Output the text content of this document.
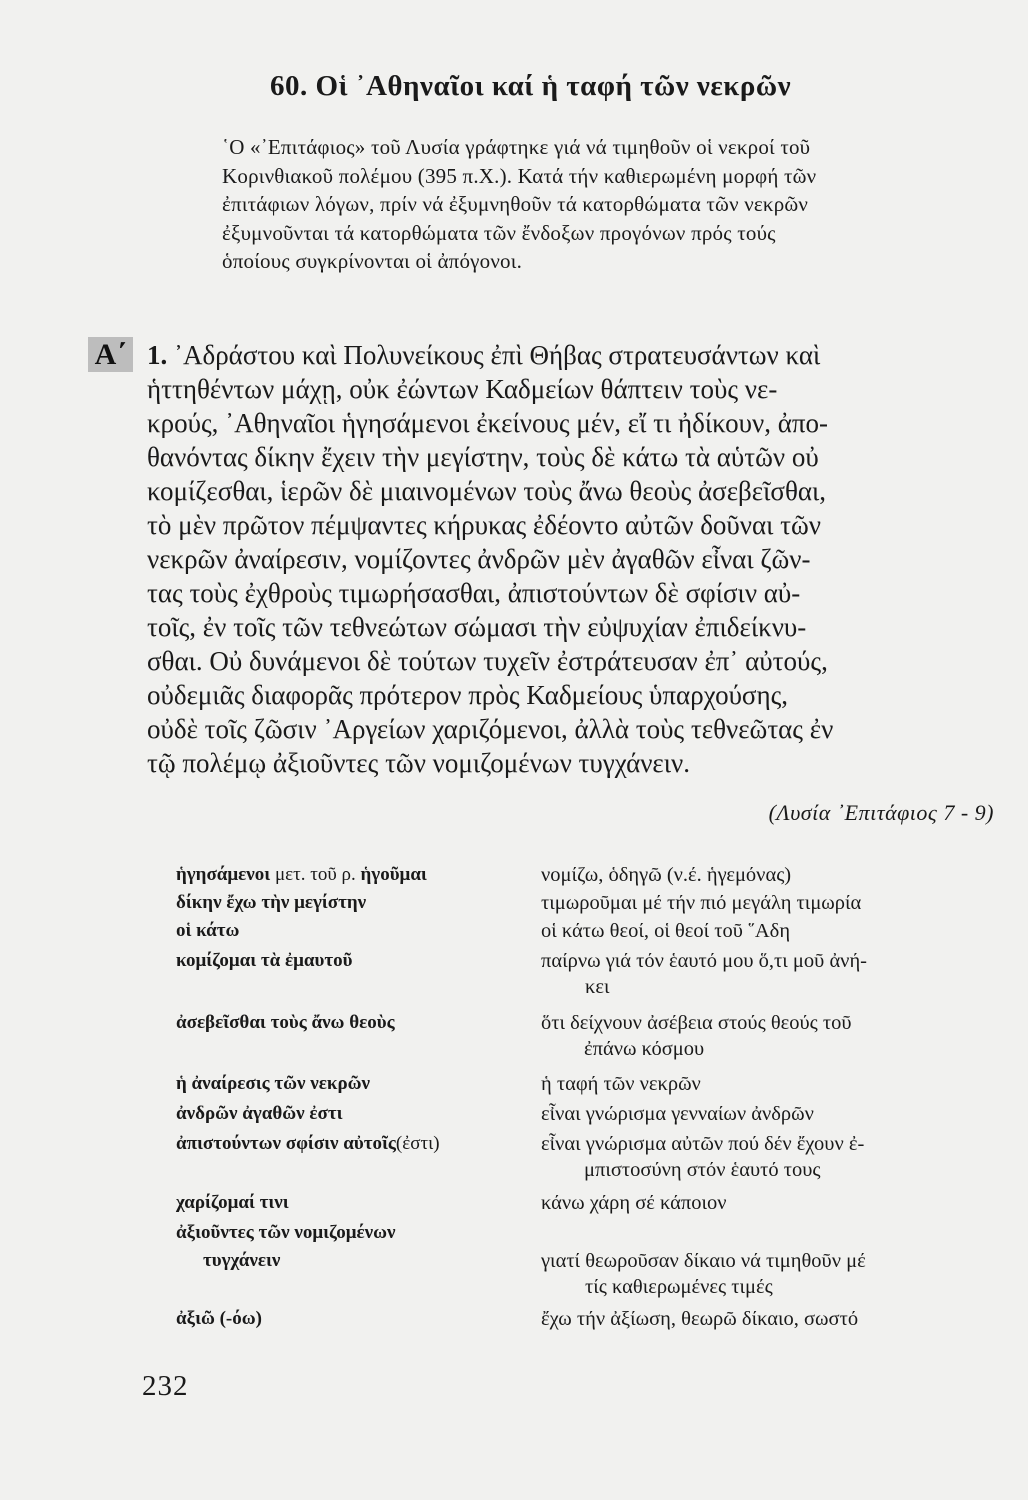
60. Οἱ ᾿Αθηναῖοι καί ἡ ταφή τῶν νεκρῶν
῾Ο «᾿Επιτάφιος» τοῦ Λυσία γράφτηκε γιά νά τιμηθοῦν οἱ νεκροί τοῦ
Κορινθιακοῦ πολέμου (395 π.Χ.). Κατά τήν καθιερωμένη μορφή τῶν
ἐπιτάφιων λόγων, πρίν νά ἐξυμνηθοῦν τά κατορθώματα τῶν νεκρῶν
ἐξυμνοῦνται τά κατορθώματα τῶν ἔνδοξων προγόνων πρός τούς
ὁποίους συγκρίνονται οἱ ἀπόγονοι.
Α΄ 1. ᾿Αδράστου καὶ Πολυνείκους ἐπὶ Θήβας στρατευσάντων καὶ
ἡττηθέντων μάχῃ, οὐκ ἐώντων Καδμείων θάπτειν τοὺς νε-
κρούς, ᾿Αθηναῖοι ἡγησάμενοι ἐκείνους μέν, εἴ τι ἠδίκουν, ἀπο-
θανόντας δίκην ἔχειν τὴν μεγίστην, τοὺς δὲ κάτω τὰ αὑτῶν οὐ
κομίζεσθαι, ἱερῶν δὲ μιαινομένων τοὺς ἄνω θεοὺς ἀσεβεῖσθαι,
τὸ μὲν πρῶτον πέμψαντες κήρυκας ἐδέοντο αὐτῶν δοῦναι τῶν
νεκρῶν ἀναίρεσιν, νομίζοντες ἀνδρῶν μὲν ἀγαθῶν εἶναι ζῶν-
τας τοὺς ἐχθροὺς τιμωρήσασθαι, ἀπιστούντων δὲ σφίσιν αὐ-
τοῖς, ἐν τοῖς τῶν τεθνεώτων σώμασι τὴν εὐψυχίαν ἐπιδείκνυ-
σθαι. Οὐ δυνάμενοι δὲ τούτων τυχεῖν ἐστράτευσαν ἐπ᾿ αὐτούς,
οὐδεμιᾶς διαφορᾶς πρότερον πρὸς Καδμείους ὑπαρχούσης,
οὐδὲ τοῖς ζῶσιν ᾿Αργείων χαριζόμενοι, ἀλλὰ τοὺς τεθνεῶτας ἐν
τῷ πολέμῳ ἀξιοῦντες τῶν νομιζομένων τυγχάνειν.
(Λυσία ᾿Επιτάφιος 7 - 9)
ἡγησάμενοι μετ. τοῦ ρ. ἡγοῦμαι	νομίζω, ὁδηγῶ (ν.έ. ἡγεμόνας)
δίκην ἔχω τὴν μεγίστην	τιμωροῦμαι μέ τήν πιό μεγάλη τιμωρία
οἱ κάτω	οἱ κάτω θεοί, οἱ θεοί τοῦ ῞Αδη
κομίζομαι τὰ ἐμαυτοῦ	παίρνω γιά τόν ἑαυτό μου ὅ,τι μοῦ ἀνή-
κει
ἀσεβεῖσθαι τοὺς ἄνω θεοὺς	ὅτι δείχνουν ἀσέβεια στούς θεούς τοῦ
ἐπάνω κόσμου
ἡ ἀναίρεσις τῶν νεκρῶν	ἡ ταφή τῶν νεκρῶν
ἀνδρῶν ἀγαθῶν ἐστι	εἶναι γνώρισμα γενναίων ἀνδρῶν
ἀπιστούντων σφίσιν αὐτοῖς(ἐστι)	εἶναι γνώρισμα αὐτῶν πού δέν ἔχουν ἐ-
μπιστοσύνη στόν ἑαυτό τους
χαρίζομαί τινι	κάνω χάρη σέ κάποιον
ἀξιοῦντες τῶν νομιζομένων
τυγχάνειν	γιατί θεωροῦσαν δίκαιο νά τιμηθοῦν μέ
τίς καθιερωμένες τιμές
ἀξιῶ (-όω)	ἔχω τήν ἀξίωση, θεωρῶ δίκαιο, σωστό
232
